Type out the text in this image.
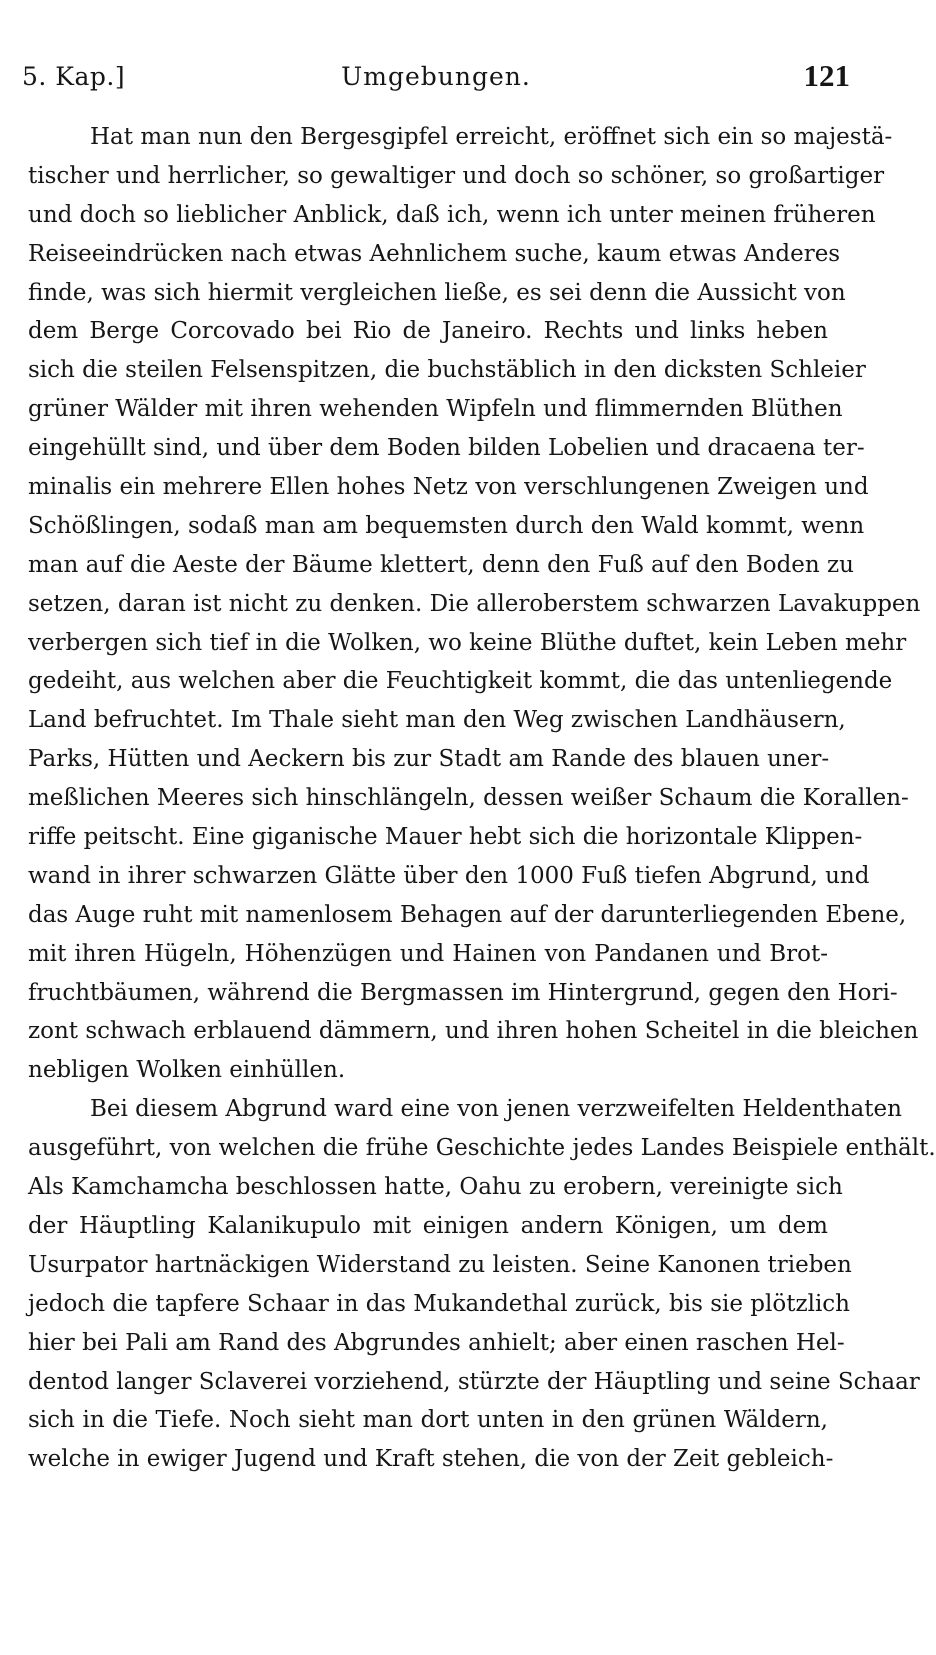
5. Kap.]	Umgebungen.	121
Hat man nun den Bergesgipfel erreicht, eröffnet sich ein so majestä-
tischer und herrlicher, so gewaltiger und doch so schöner, so großartiger
und doch so lieblicher Anblick, daß ich, wenn ich unter meinen früheren
Reiseeindrücken nach etwas Aehnlichem suche, kaum etwas Anderes
finde, was sich hiermit vergleichen ließe, es sei denn die Aussicht von
dem Berge Corcovado bei Rio de Janeiro. Rechts und links heben
sich die steilen Felsenspitzen, die buchstäblich in den dicksten Schleier
grüner Wälder mit ihren wehenden Wipfeln und flimmernden Blüthen
eingehüllt sind, und über dem Boden bilden Lobelien und dracaena ter-
minalis ein mehrere Ellen hohes Netz von verschlungenen Zweigen und
Schößlingen, sodaß man am bequemsten durch den Wald kommt, wenn
man auf die Aeste der Bäume klettert, denn den Fuß auf den Boden zu
setzen, daran ist nicht zu denken. Die alleroberstem schwarzen Lavakuppen
verbergen sich tief in die Wolken, wo keine Blüthe duftet, kein Leben mehr
gedeiht, aus welchen aber die Feuchtigkeit kommt, die das untenliegende
Land befruchtet. Im Thale sieht man den Weg zwischen Landhäusern,
Parks, Hütten und Aeckern bis zur Stadt am Rande des blauen uner-
meßlichen Meeres sich hinschlängeln, dessen weißer Schaum die Korallen-
riffe peitscht. Eine giganische Mauer hebt sich die horizontale Klippen-
wand in ihrer schwarzen Glätte über den 1000 Fuß tiefen Abgrund, und
das Auge ruht mit namenlosem Behagen auf der darunterliegenden Ebene,
mit ihren Hügeln, Höhenzügen und Hainen von Pandanen und Brot-
fruchtbäumen, während die Bergmassen im Hintergrund, gegen den Hori-
zont schwach erblauend dämmern, und ihren hohen Scheitel in die bleichen
nebligen Wolken einhüllen.
Bei diesem Abgrund ward eine von jenen verzweifelten Heldenthaten
ausgeführt, von welchen die frühe Geschichte jedes Landes Beispiele enthält.
Als Kamchamcha beschlossen hatte, Oahu zu erobern, vereinigte sich
der Häuptling Kalanikupulo mit einigen andern Königen, um dem
Usurpator hartnäckigen Widerstand zu leisten. Seine Kanonen trieben
jedoch die tapfere Schaar in das Mukandethal zurück, bis sie plötzlich
hier bei Pali am Rand des Abgrundes anhielt; aber einen raschen Hel-
dentod langer Sclaverei vorziehend, stürzte der Häuptling und seine Schaar
sich in die Tiefe. Noch sieht man dort unten in den grünen Wäldern,
welche in ewiger Jugend und Kraft stehen, die von der Zeit gebleich-
